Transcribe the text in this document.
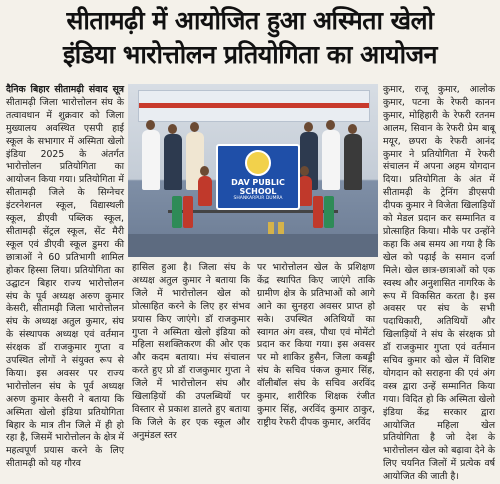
सीतामढ़ी में आयोजित हुआ अस्मिता खेलो
इंडिया भारोत्तोलन प्रतियोगिता का आयोजन

दैनिक बिहार सीतामढ़ी संवाद सूत्र सीतामढ़ी जिला भारोत्तोलन संघ के तत्वावधान में शुक्रवार को जिला मुख्यालय अवस्थित एसपी हाई स्कूल के सभागार में अस्मिता खेलो इंडिया 2025 के अंतर्गत भारोत्तोलन प्रतियोगिता का आयोजन किया गया। प्रतियोगिता में सीतामढ़ी जिले के सिग्नेचर इंटरनेशनल स्कूल, विद्यास्थली स्कूल, डीएवी पब्लिक स्कूल, सीतामढ़ी सेंट्रल स्कूल, सेंट मैरी स्कूल एवं डीएवी स्कूल डुमरा की छात्राओं ने 60 प्रतिभागी शामिल होकर हिस्सा लिया। प्रतियोगिता का उद्घाटन बिहार राज्य भारोत्तोलन संघ के पूर्व अध्यक्ष अरुण कुमार केसरी, सीतामढ़ी जिला भारोत्तोलन संघ के अध्यक्ष अतुल कुमार, संघ के संस्थापक अध्यक्ष एवं वर्तमान संरक्षक डॉ राजकुमार गुप्ता व उपस्थित लोगों ने संयुक्त रूप से किया। इस अवसर पर राज्य भारोत्तोलन संघ के पूर्व अध्यक्ष अरुण कुमार केसरी ने बताया कि अस्मिता खेलो इंडिया प्रतियोगिता बिहार के मात्र तीन जिले में ही हो रहा है, जिसमें भारोत्तोलन के क्षेत्र में महत्वपूर्ण प्रयास करने के लिए सीतामढ़ी को यह गौरव

DAV PUBLIC SCHOOL
SHANKARPUR DUMRA

हासिल हुआ है। जिला संघ के अध्यक्ष अतुल कुमार ने बताया कि जिले में भारोत्तोलन खेल को प्रोत्साहित करने के लिए हर संभव प्रयास किए जाएंगे। डॉ राजकुमार गुप्ता ने अस्मिता खेलो इंडिया को महिला सशक्तिकरण की ओर एक और कदम बताया। मंच संचालन करते हुए प्रो डॉ राजकुमार गुप्ता ने जिले में भारोत्तोलन संघ और खिलाड़ियों की उपलब्धियों पर विस्तार से प्रकाश डालते हुए बताया कि जिले के हर एक स्कूल और अनुमंडल स्तर

पर भारोत्तोलन खेल के प्रशिक्षण केंद्र स्थापित किए जाएंगे ताकि ग्रामीण क्षेत्र के प्रतिभाओं को आगे आने का सुनहरा अवसर प्राप्त हो सके। उपस्थित अतिथियों का स्वागत अंग वस्त्र, पौधा एवं मोमेंटो प्रदान कर किया गया। इस अवसर पर मो शाकिर हुसैन, जिला कबड्डी संघ के सचिव पंकज कुमार सिंह, वॉलीबॉल संघ के सचिव अरविंद कुमार, शारीरिक शिक्षक रंजीत कुमार सिंह, अरविंद कुमार ठाकुर, राष्ट्रीय रेफरी दीपक कुमार, अरविंद

कुमार, राजू कुमार, आलोक कुमार, पटना के रेफरी कानन कुमार, मोहिहारी के रेफरी रतनम आलम, सिवान के रेफरी प्रेम बाबू मयूर, छपरा के रेफरी आनंद कुमार ने प्रतियोगिता में रेफरी संचालन में अपना अहम योगदान दिया। प्रतियोगिता के अंत में सीतामढ़ी के ट्रेनिंग डीएसपी दीपक कुमार ने विजेता खिलाड़ियों को मेडल प्रदान कर सम्मानित व प्रोत्साहित किया। मौके पर उन्होंने कहा कि अब समय आ गया है कि खेल को पढ़ाई के समान दर्जा मिले। खेल छात्र-छात्राओं को एक स्वस्थ और अनुशासित नागरिक के रूप में विकसित करता है। इस अवसर पर संघ के सभी पदाधिकारी, अतिथियों और खिलाड़ियों ने संघ के संरक्षक प्रो डॉ राजकुमार गुप्ता एवं वर्तमान सचिव कुमार को खेल में विशिष्ट योगदान को सराहना की एवं अंग वस्त्र द्वारा उन्हें सम्मानित किया गया। विदित हो कि अस्मिता खेलो इंडिया केंद्र सरकार द्वारा आयोजित महिला खेल प्रतियोगिता है जो देश के भारोत्तोलन खेल को बढ़ावा देने के लिए चयनित जिलों में प्रत्येक वर्ष आयोजित की जाती है।
